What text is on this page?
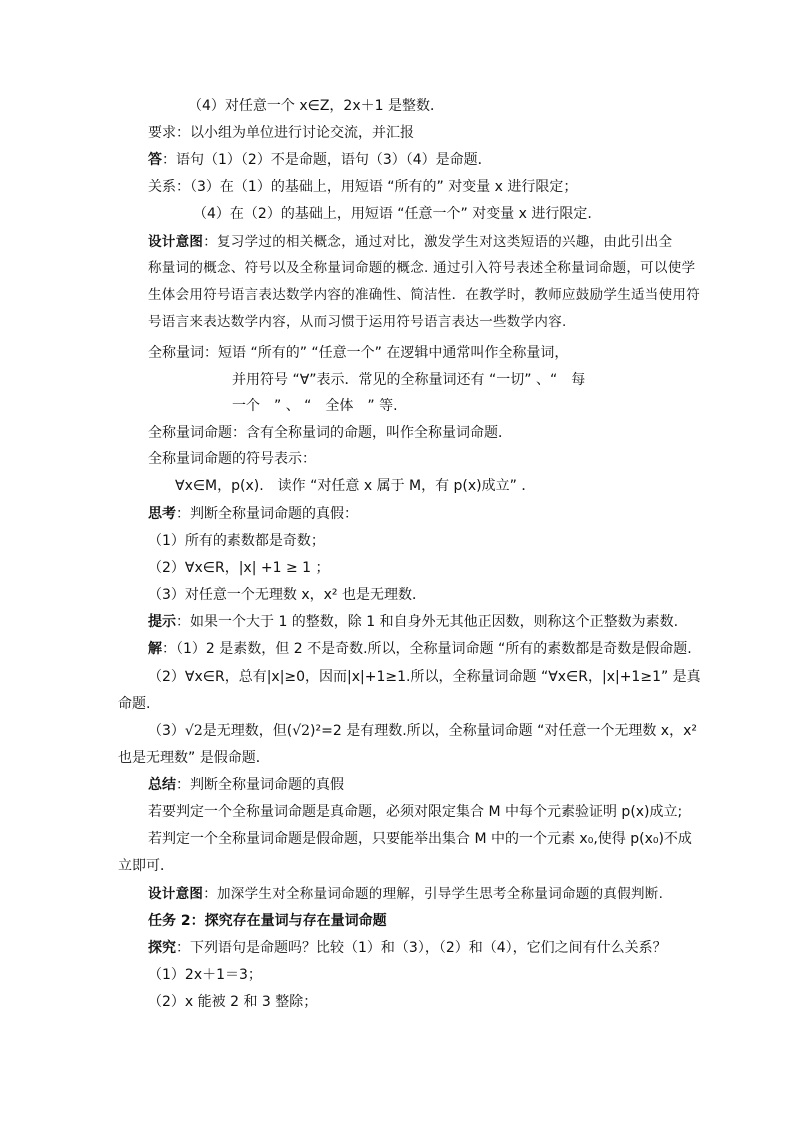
（4）对任意一个 x∈Z，2x＋1 是整数．
要求：以小组为单位进行讨论交流，并汇报
答：语句（1）（2）不是命题，语句（3）（4）是命题．
关系：（3）在（1）的基础上，用短语 “所有的” 对变量 x 进行限定；
（4）在（2）的基础上，用短语 “任意一个” 对变量 x 进行限定.
设计意图：复习学过的相关概念，通过对比，激发学生对这类短语的兴趣，由此引出全
称量词的概念、符号以及全称量词命题的概念. 通过引入符号表述全称量词命题，可以使学
生体会用符号语言表达数学内容的准确性、简洁性．在教学时，教师应鼓励学生适当使用符
号语言来表达数学内容，从而习惯于运用符号语言表达一些数学内容.
全称量词：短语 “所有的” “任意一个” 在逻辑中通常叫作全称量词，
并用符号 “∀”表示．常见的全称量词还有 “一切” 、“　每
一个　” 、 “　全体　” 等.
全称量词命题：含有全称量词的命题，叫作全称量词命题．
全称量词命题的符号表示：
∀x∈M，p(x).　读作 “对任意 x 属于 M，有 p(x)成立” ．
思考：判断全称量词命题的真假：
（1）所有的素数都是奇数；
（2）∀x∈R，|x| +1 ≥ 1 ；
（3）对任意一个无理数 x，x² 也是无理数．
提示：如果一个大于 1 的整数，除 1 和自身外无其他正因数，则称这个正整数为素数.
解：（1）2 是素数，但 2 不是奇数.所以，全称量词命题 “所有的素数都是奇数是假命题.
（2）∀x∈R，总有|x|≥0，因而|x|+1≥1.所以，全称量词命题 “∀x∈R，|x|+1≥1” 是真
命题.
（3）√2是无理数，但(√2)²=2 是有理数.所以，全称量词命题 “对任意一个无理数 x，x²
也是无理数” 是假命题．
总结：判断全称量词命题的真假
若要判定一个全称量词命题是真命题，必须对限定集合 M 中每个元素验证明 p(x)成立;
若判定一个全称量词命题是假命题，只要能举出集合 M 中的一个元素 x₀,使得 p(x₀)不成
立即可．
设计意图：加深学生对全称量词命题的理解，引导学生思考全称量词命题的真假判断.
任务 2：探究存在量词与存在量词命题
探究：下列语句是命题吗？比较（1）和（3），（2）和（4），它们之间有什么关系？
（1）2x＋1＝3；
（2）x 能被 2 和 3 整除；
